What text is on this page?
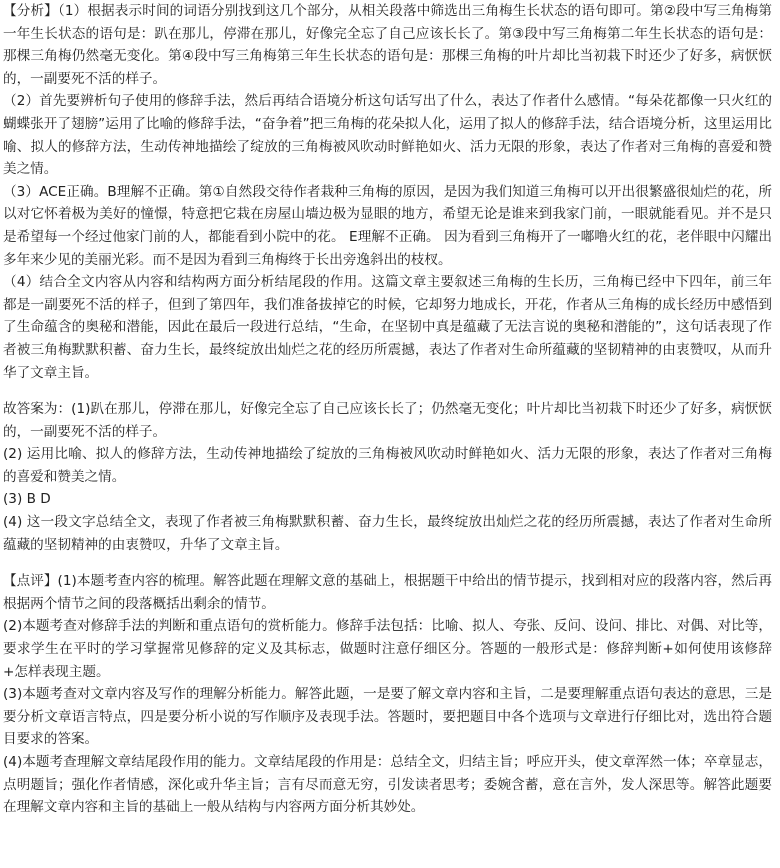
【分析】（1）根据表示时间的词语分别找到这几个部分，从相关段落中筛选出三角梅生长状态的语句即可。第②段中写三角梅第一年生长状态的语句是：趴在那儿，停滞在那儿，好像完全忘了自己应该长长了。第③段中写三角梅第二年生长状态的语句是：那棵三角梅仍然毫无变化。第④段中写三角梅第三年生长状态的语句是：那棵三角梅的叶片却比当初栽下时还少了好多，病恹恹的，一副要死不活的样子。

（2）首先要辨析句子使用的修辞手法，然后再结合语境分析这句话写出了什么，表达了作者什么感情。“每朵花都像一只火红的蝴蝶张开了翅膀”运用了比喻的修辞手法，“奋争着”把三角梅的花朵拟人化，运用了拟人的修辞手法，结合语境分析，这里运用比喻、拟人的修辞方法，生动传神地描绘了绽放的三角梅被风吹动时鲜艳如火、活力无限的形象，表达了作者对三角梅的喜爱和赞美之情。

（3）ACE正确。B理解不正确。第①自然段交待作者栽种三角梅的原因，是因为我们知道三角梅可以开出很繁盛很灿烂的花，所以对它怀着极为美好的憧憬，特意把它栽在房屋山墙边极为显眼的地方，希望无论是谁来到我家门前，一眼就能看见。并不是只是希望每一个经过他家门前的人，都能看到小院中的花。 E理解不正确。 因为看到三角梅开了一嘟噜火红的花，老伴眼中闪耀出多年来少见的美丽光彩。而不是因为看到三角梅终于长出旁逸斜出的枝杈。

（4）结合全文内容从内容和结构两方面分析结尾段的作用。这篇文章主要叙述三角梅的生长历，三角梅已经中下四年，前三年都是一副要死不活的样子，但到了第四年，我们准备拔掉它的时候，它却努力地成长，开花，作者从三角梅的成长经历中感悟到了生命蕴含的奥秘和潜能，因此在最后一段进行总结，“生命，在坚韧中真是蕴藏了无法言说的奥秘和潜能的”，这句话表现了作者被三角梅默默积蓄、奋力生长，最终绽放出灿烂之花的经历所震撼，表达了作者对生命所蕴藏的坚韧精神的由衷赞叹，从而升华了文章主旨。

故答案为：(1)趴在那儿，停滞在那儿，好像完全忘了自己应该长长了；仍然毫无变化；叶片却比当初栽下时还少了好多，病恹恹的，一副要死不活的样子。

(2) 运用比喻、拟人的修辞方法，生动传神地描绘了绽放的三角梅被风吹动时鲜艳如火、活力无限的形象，表达了作者对三角梅的喜爱和赞美之情。

(3) B D

(4) 这一段文字总结全文，表现了作者被三角梅默默积蓄、奋力生长，最终绽放出灿烂之花的经历所震撼，表达了作者对生命所蕴藏的坚韧精神的由衷赞叹，升华了文章主旨。

【点评】(1)本题考查内容的梳理。解答此题在理解文意的基础上，根据题干中给出的情节提示，找到相对应的段落内容，然后再根据两个情节之间的段落概括出剩余的情节。

(2)本题考查对修辞手法的判断和重点语句的赏析能力。修辞手法包括：比喻、拟人、夸张、反问、设问、排比、对偶、对比等，要求学生在平时的学习掌握常见修辞的定义及其标志，做题时注意仔细区分。答题的一般形式是：修辞判断+如何使用该修辞+怎样表现主题。

(3)本题考查对文章内容及写作的理解分析能力。解答此题，一是要了解文章内容和主旨，二是要理解重点语句表达的意思，三是要分析文章语言特点，四是要分析小说的写作顺序及表现手法。答题时，要把题目中各个选项与文章进行仔细比对，选出符合题目要求的答案。

(4)本题考查理解文章结尾段作用的能力。文章结尾段的作用是：总结全文，归结主旨；呼应开头，使文章浑然一体；卒章显志，点明题旨；强化作者情感，深化或升华主旨；言有尽而意无穷，引发读者思考；委婉含蓄，意在言外，发人深思等。解答此题要在理解文章内容和主旨的基础上一般从结构与内容两方面分析其妙处。
